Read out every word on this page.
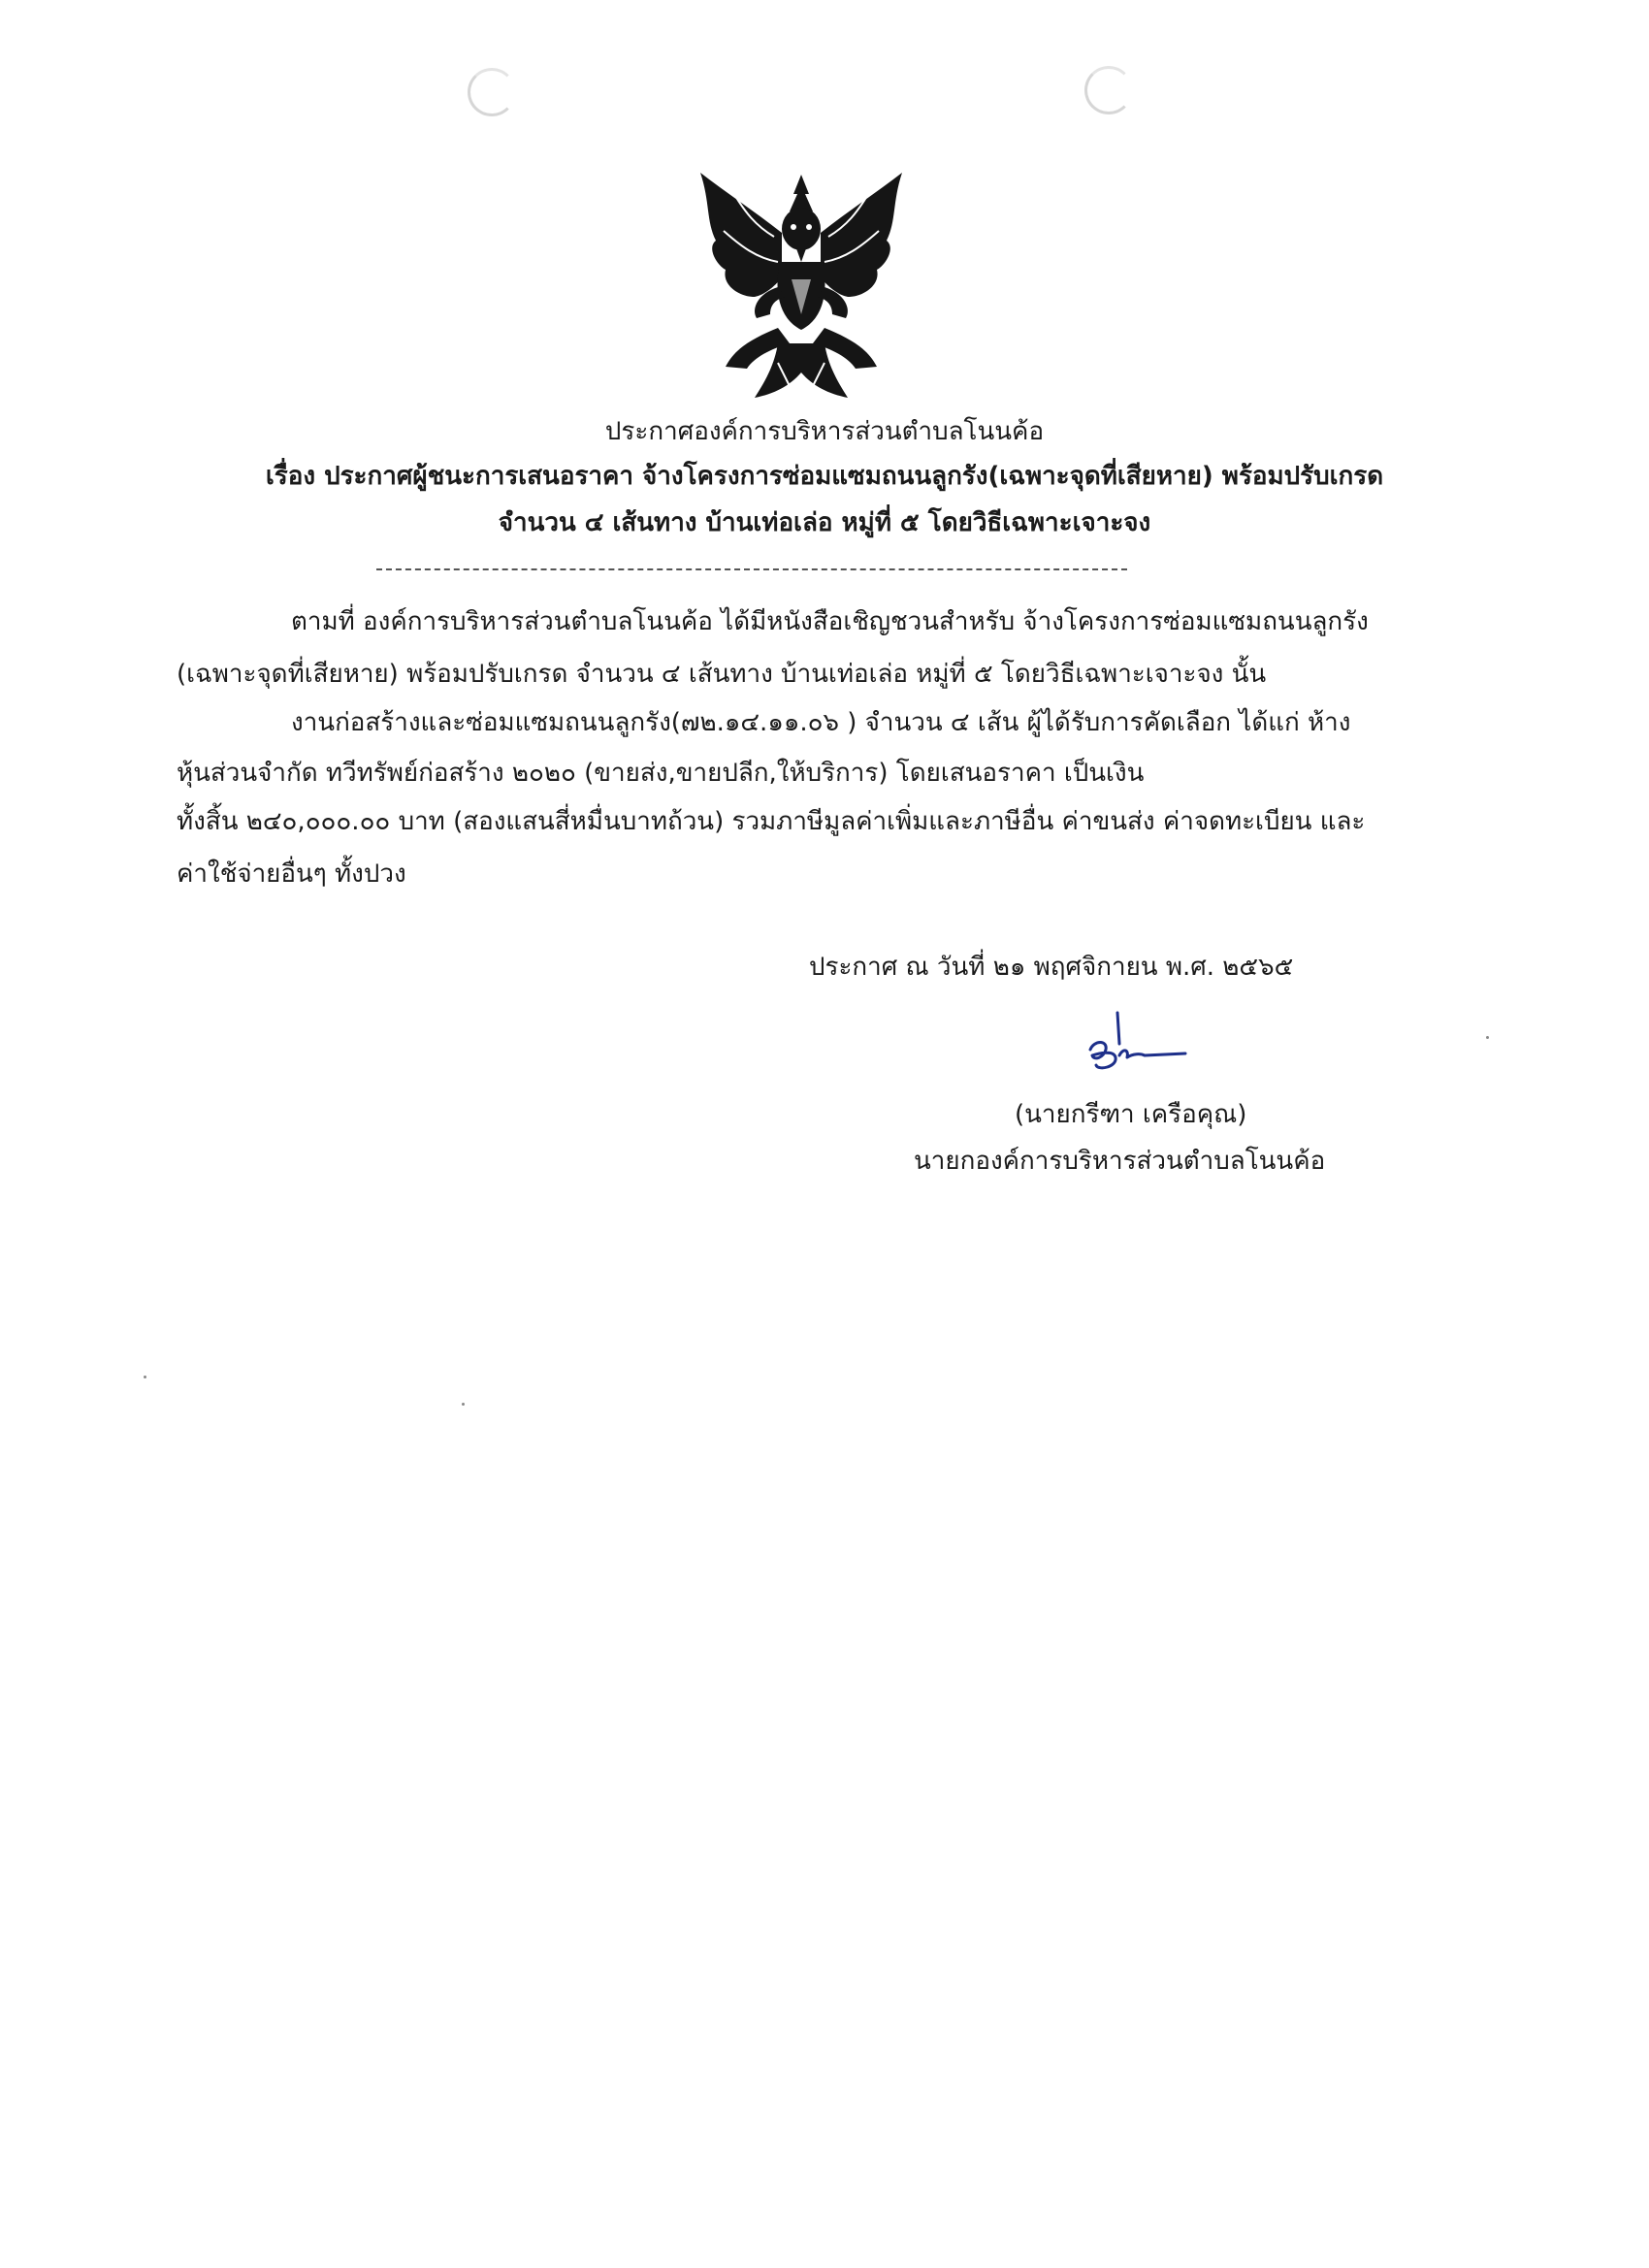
ประกาศองค์การบริหารส่วนตำบลโนนค้อ
เรื่อง ประกาศผู้ชนะการเสนอราคา จ้างโครงการซ่อมแซมถนนลูกรัง(เฉพาะจุดที่เสียหาย) พร้อมปรับเกรด
จำนวน ๔ เส้นทาง บ้านเท่อเล่อ หมู่ที่ ๕ โดยวิธีเฉพาะเจาะจง
ตามที่ องค์การบริหารส่วนตำบลโนนค้อ ได้มีหนังสือเชิญชวนสำหรับ จ้างโครงการซ่อมแซมถนนลูกรัง
(เฉพาะจุดที่เสียหาย) พร้อมปรับเกรด จำนวน ๔ เส้นทาง บ้านเท่อเล่อ หมู่ที่ ๕ โดยวิธีเฉพาะเจาะจง นั้น
งานก่อสร้างและซ่อมแซมถนนลูกรัง(๗๒.๑๔.๑๑.๐๖ ) จำนวน ๔ เส้น ผู้ได้รับการคัดเลือก ได้แก่ ห้าง
หุ้นส่วนจำกัด ทวีทรัพย์ก่อสร้าง ๒๐๒๐ (ขายส่ง,ขายปลีก,ให้บริการ) โดยเสนอราคา เป็นเงิน
ทั้งสิ้น ๒๔๐,๐๐๐.๐๐ บาท (สองแสนสี่หมื่นบาทถ้วน) รวมภาษีมูลค่าเพิ่มและภาษีอื่น ค่าขนส่ง ค่าจดทะเบียน และ
ค่าใช้จ่ายอื่นๆ ทั้งปวง
ประกาศ ณ วันที่ ๒๑ พฤศจิกายน พ.ศ. ๒๕๖๕
(นายกรีฑา เครือคุณ)
นายกองค์การบริหารส่วนตำบลโนนค้อ
